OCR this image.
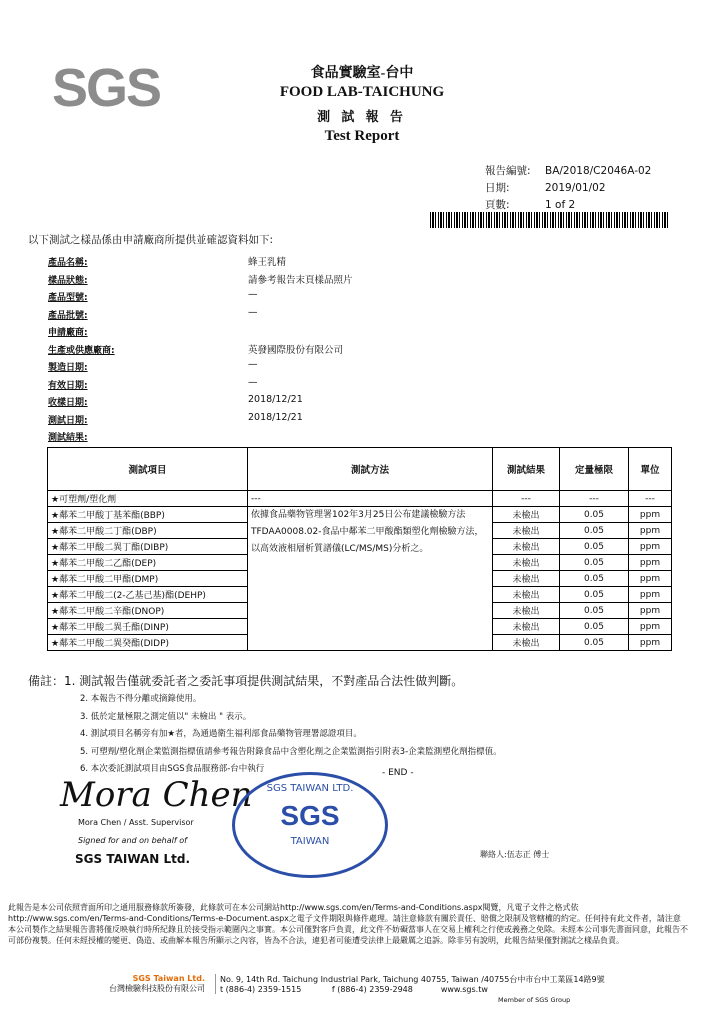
SGS	食品實驗室-台中
FOOD LAB-TAICHUNG
測 試 報 告
Test Report
報告編號: BA/2018/C2046A-02
日期:	2019/01/02
頁數:	1 of 2
以下測試之樣品係由申請廠商所提供並確認資料如下:
產品名稱:	蜂王乳精
樣品狀態:	請參考報告末頁樣品照片
產品型號:	—
產品批號:	—
申請廠商:
生產或供應廠商:	英發國際股份有限公司
製造日期:	—
有效日期:	—
收樣日期:	2018/12/21
測試日期:	2018/12/21
測試結果:
測試項目	測試方法	測試結果	定量極限	單位
★可塑劑/塑化劑	---	---	---	---
★鄰苯二甲酸丁基苯酯(BBP)	依據食品藥物管理署102年3月25日公布建議檢驗方法TFDAA0008.02-食品中鄰苯二甲酸酯類塑化劑檢驗方法，以高效液相層析質譜儀(LC/MS/MS)分析之。	未檢出	0.05	ppm
★鄰苯二甲酸二丁酯(DBP)		未檢出	0.05	ppm
★鄰苯二甲酸二異丁酯(DIBP)		未檢出	0.05	ppm
★鄰苯二甲酸二乙酯(DEP)		未檢出	0.05	ppm
★鄰苯二甲酸二甲酯(DMP)		未檢出	0.05	ppm
★鄰苯二甲酸二(2-乙基己基)酯(DEHP)		未檢出	0.05	ppm
★鄰苯二甲酸二辛酯(DNOP)		未檢出	0.05	ppm
★鄰苯二甲酸二異壬酯(DINP)		未檢出	0.05	ppm
★鄰苯二甲酸二異癸酯(DIDP)		未檢出	0.05	ppm
備註：1. 測試報告僅就委託者之委託事項提供測試結果，不對產品合法性做判斷。
2. 本報告不得分離或摘錄使用。
3. 低於定量極限之測定值以" 未檢出 " 表示。
4. 測試項目名稱旁有加★者，為通過衛生福利部食品藥物管理署認證項目。
5. 可塑劑/塑化劑企業監測指標值請參考報告附錄食品中含塑化劑之企業監測指引附表3-企業監測塑化劑指標值。
6. 本次委託測試項目由SGS食品服務部-台中執行	- END -
Mora Chen
Mora Chen / Asst. Supervisor
Signed for and on behalf of
SGS TAIWAN Ltd.
SGS TAIWAN LTD.
SGS
TAIWAN
聯絡人:伍志正 傅士
此報告是本公司依照背面所印之通用服務條款所簽發，此條款可在本公司網站http://www.sgs.com/en/Terms-and-Conditions.aspx閱覽，凡電子文件之格式依http://www.sgs.com/en/Terms-and-Conditions/Terms-e-Document.aspx之電子文件期限與條件處理。請注意條款有關於責任、賠償之限制及管轄權的約定。任何持有此文件者，請注意本公司製作之結果報告書將僅反映執行時所紀錄且於接受指示範圍內之事實。本公司僅對客戶負責，此文件不妨礙當事人在交易上權利之行使或義務之免除。未經本公司事先書面同意，此報告不可部份複製。任何未經授權的變更、偽造、或曲解本報告所顯示之內容，皆為不合法，違犯者可能遭受法律上最嚴厲之追訴。除非另有說明，此報告結果僅對測試之樣品負責。
SGS Taiwan Ltd.
台灣檢驗科技股份有限公司
No. 9, 14th Rd. Taichung Industrial Park, Taichung 40755, Taiwan /40755台中市台中工業區14路9號
t (886-4) 2359-1515	f (886-4) 2359-2948	www.sgs.tw
Member of SGS Group
